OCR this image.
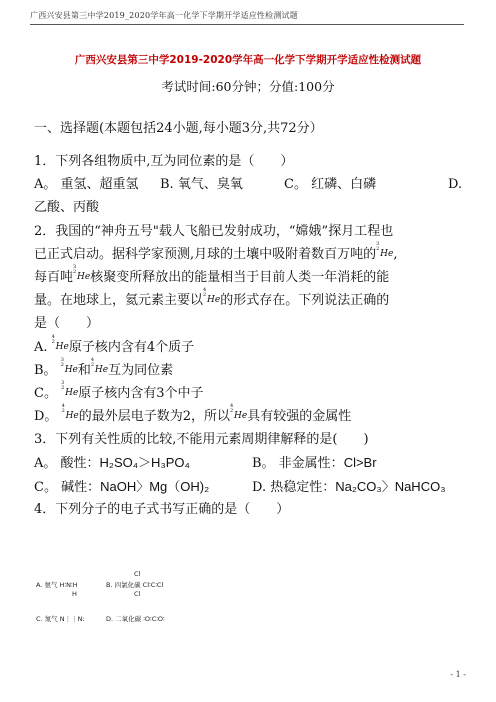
广西兴安县第三中学2019_2020学年高一化学下学期开学适应性检测试题
广西兴安县第三中学2019-2020学年高一化学下学期开学适应性检测试题
考试时间:60分钟；分值:100分
一、选择题(本题包括24小题,每小题3分,共72分）
1．下列各组物质中,互为同位素的是（　　）
A。 重氢、超重氢	B. 氧气、臭氧	C。 红磷、白磷	D.
乙酸、丙酸
2．我国的“神舟五号"载人飞船已发射成功，“嫦娥”探月工程也
已正式启动。据科学家预测,月球的土壤中吸附着数百万吨的
3
2 He,
每百吨
3
2 He核聚变所释放出的能量相当于目前人类一年消耗的能
量。在地球上，氦元素主要以
4
2 He的形式存在。下列说法正确的
是（　　）
A.
4
2 He原子核内含有4个质子
B。
3
2 He和
4
2 He互为同位素
C。
3
2 He原子核内含有3个中子
D。
4
2 He的最外层电子数为2，所以
4
2 He具有较强的金属性
3．下列有关性质的比较,不能用元素周期律解释的是(　　)
A。 酸性：H₂SO₄＞H₃PO₄	B。 非金属性：Cl>Br
C。 碱性：NaOH〉Mg（OH)₂	D. 热稳定性：Na₂CO₃〉NaHCO₃
4．下列分子的电子式书写正确的是（　　）
A. 氨气 H∶N∶H
H
Cl
B. 四氯化碳 Cl∶C∶Cl
Cl
C. 氮气 N⋮⋮N:	D. 二氧化碳 ∶O∶C∶O∶
- 1 -
